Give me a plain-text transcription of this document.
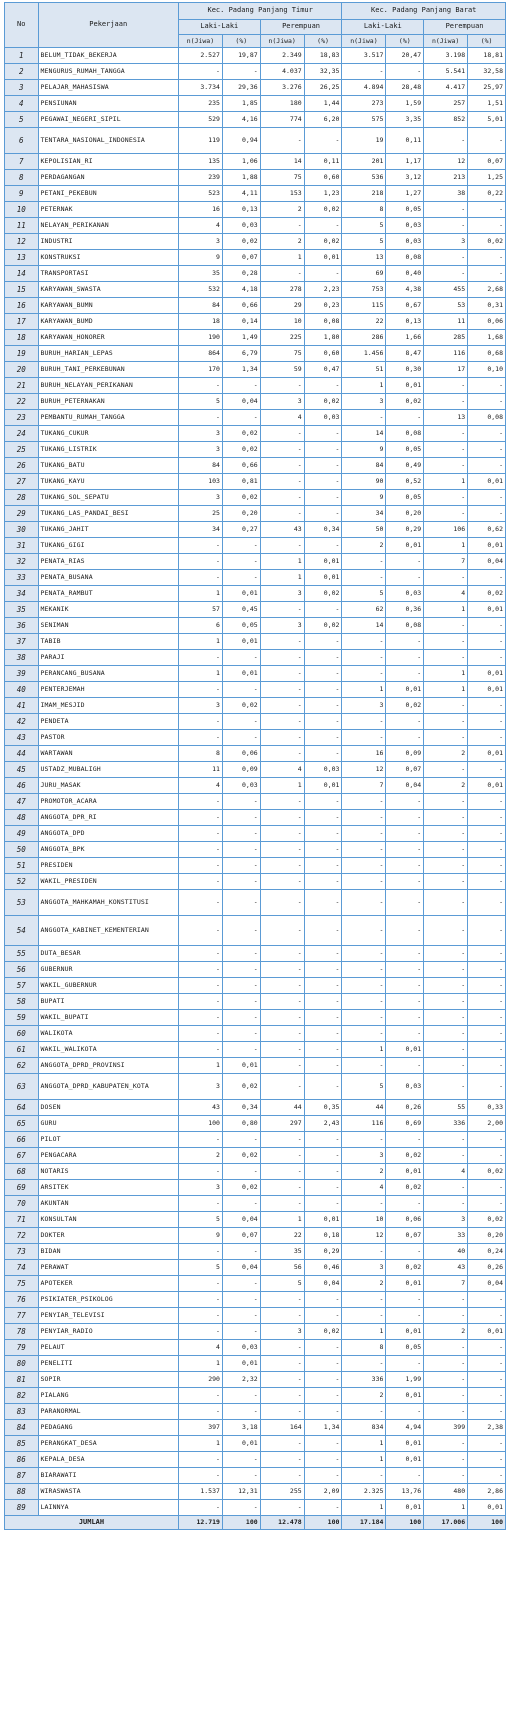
No	Pekerjaan	Kec. Padang Panjang Timur				Kec. Padang Panjang Barat			
		Laki-Laki		Perempuan		Laki-Laki		Perempuan	
		n(Jiwa)	(%)	n(Jiwa)	(%)	n(Jiwa)	(%)	n(Jiwa)	(%)
1	BELUM_TIDAK_BEKERJA	2.527	19,87	2.349	18,83	3.517	20,47	3.198	18,81
2	MENGURUS_RUMAH_TANGGA	-	-	4.037	32,35	-	-	5.541	32,58
3	PELAJAR_MAHASISWA	3.734	29,36	3.276	26,25	4.894	28,48	4.417	25,97
4	PENSIUNAN	235	1,85	180	1,44	273	1,59	257	1,51
5	PEGAWAI_NEGERI_SIPIL	529	4,16	774	6,20	575	3,35	852	5,01
6	TENTARA_NASIONAL_INDONESIA	119	0,94	-	-	19	0,11	-	-
7	KEPOLISIAN_RI	135	1,06	14	0,11	201	1,17	12	0,07
8	PERDAGANGAN	239	1,88	75	0,60	536	3,12	213	1,25
9	PETANI_PEKEBUN	523	4,11	153	1,23	218	1,27	38	0,22
10	PETERNAK	16	0,13	2	0,02	8	0,05	-	-
11	NELAYAN_PERIKANAN	4	0,03	-	-	5	0,03	-	-
12	INDUSTRI	3	0,02	2	0,02	5	0,03	3	0,02
13	KONSTRUKSI	9	0,07	1	0,01	13	0,08	-	-
14	TRANSPORTASI	35	0,28	-	-	69	0,40	-	-
15	KARYAWAN_SWASTA	532	4,18	278	2,23	753	4,38	455	2,68
16	KARYAWAN_BUMN	84	0,66	29	0,23	115	0,67	53	0,31
17	KARYAWAN_BUMD	18	0,14	10	0,08	22	0,13	11	0,06
18	KARYAWAN_HONORER	190	1,49	225	1,80	286	1,66	285	1,68
19	BURUH_HARIAN_LEPAS	864	6,79	75	0,60	1.456	8,47	116	0,68
20	BURUH_TANI_PERKEBUNAN	170	1,34	59	0,47	51	0,30	17	0,10
21	BURUH_NELAYAN_PERIKANAN	-	-	-	-	1	0,01	-	-
22	BURUH_PETERNAKAN	5	0,04	3	0,02	3	0,02	-	-
23	PEMBANTU_RUMAH_TANGGA	-	-	4	0,03	-	-	13	0,08
24	TUKANG_CUKUR	3	0,02	-	-	14	0,08	-	-
25	TUKANG_LISTRIK	3	0,02	-	-	9	0,05	-	-
26	TUKANG_BATU	84	0,66	-	-	84	0,49	-	-
27	TUKANG_KAYU	103	0,81	-	-	90	0,52	1	0,01
28	TUKANG_SOL_SEPATU	3	0,02	-	-	9	0,05	-	-
29	TUKANG_LAS_PANDAI_BESI	25	0,20	-	-	34	0,20	-	-
30	TUKANG_JAHIT	34	0,27	43	0,34	50	0,29	106	0,62
31	TUKANG_GIGI	-	-	-	-	2	0,01	1	0,01
32	PENATA_RIAS	-	-	1	0,01	-	-	7	0,04
33	PENATA_BUSANA	-	-	1	0,01	-	-	-	-
34	PENATA_RAMBUT	1	0,01	3	0,02	5	0,03	4	0,02
35	MEKANIK	57	0,45	-	-	62	0,36	1	0,01
36	SENIMAN	6	0,05	3	0,02	14	0,08	-	-
37	TABIB	1	0,01	-	-	-	-	-	-
38	PARAJI	-	-	-	-	-	-	-	-
39	PERANCANG_BUSANA	1	0,01	-	-	-	-	1	0,01
40	PENTERJEMAH	-	-	-	-	1	0,01	1	0,01
41	IMAM_MESJID	3	0,02	-	-	3	0,02	-	-
42	PENDETA	-	-	-	-	-	-	-	-
43	PASTOR	-	-	-	-	-	-	-	-
44	WARTAWAN	8	0,06	-	-	16	0,09	2	0,01
45	USTADZ_MUBALIGH	11	0,09	4	0,03	12	0,07	-	-
46	JURU_MASAK	4	0,03	1	0,01	7	0,04	2	0,01
47	PROMOTOR_ACARA	-	-	-	-	-	-	-	-
48	ANGGOTA_DPR_RI	-	-	-	-	-	-	-	-
49	ANGGOTA_DPD	-	-	-	-	-	-	-	-
50	ANGGOTA_BPK	-	-	-	-	-	-	-	-
51	PRESIDEN	-	-	-	-	-	-	-	-
52	WAKIL_PRESIDEN	-	-	-	-	-	-	-	-
53	ANGGOTA_MAHKAMAH_KONSTITUSI	-	-	-	-	-	-	-	-
54	ANGGOTA_KABINET_KEMENTERIAN	-	-	-	-	-	-	-	-
55	DUTA_BESAR	-	-	-	-	-	-	-	-
56	GUBERNUR	-	-	-	-	-	-	-	-
57	WAKIL_GUBERNUR	-	-	-	-	-	-	-	-
58	BUPATI	-	-	-	-	-	-	-	-
59	WAKIL_BUPATI	-	-	-	-	-	-	-	-
60	WALIKOTA	-	-	-	-	-	-	-	-
61	WAKIL_WALIKOTA	-	-	-	-	1	0,01	-	-
62	ANGGOTA_DPRD_PROVINSI	1	0,01	-	-	-	-	-	-
63	ANGGOTA_DPRD_KABUPATEN_KOTA	3	0,02	-	-	5	0,03	-	-
64	DOSEN	43	0,34	44	0,35	44	0,26	55	0,33
65	GURU	100	0,80	297	2,43	116	0,69	336	2,00
66	PILOT	-	-	-	-	-	-	-	-
67	PENGACARA	2	0,02	-	-	3	0,02	-	-
68	NOTARIS	-	-	-	-	2	0,01	4	0,02
69	ARSITEK	3	0,02	-	-	4	0,02	-	-
70	AKUNTAN	-	-	-	-	-	-	-	-
71	KONSULTAN	5	0,04	1	0,01	10	0,06	3	0,02
72	DOKTER	9	0,07	22	0,18	12	0,07	33	0,20
73	BIDAN	-	-	35	0,29	-	-	40	0,24
74	PERAWAT	5	0,04	56	0,46	3	0,02	43	0,26
75	APOTEKER	-	-	5	0,04	2	0,01	7	0,04
76	PSIKIATER_PSIKOLOG	-	-	-	-	-	-	-	-
77	PENYIAR_TELEVISI	-	-	-	-	-	-	-	-
78	PENYIAR_RADIO	-	-	3	0,02	1	0,01	2	0,01
79	PELAUT	4	0,03	-	-	8	0,05	-	-
80	PENELITI	1	0,01	-	-	-	-	-	-
81	SOPIR	290	2,32	-	-	336	1,99	-	-
82	PIALANG	-	-	-	-	2	0,01	-	-
83	PARANORMAL	-	-	-	-	-	-	-	-
84	PEDAGANG	397	3,18	164	1,34	834	4,94	399	2,38
85	PERANGKAT_DESA	1	0,01	-	-	1	0,01	-	-
86	KEPALA_DESA	-	-	-	-	1	0,01	-	-
87	BIARAWATI	-	-	-	-	-	-	-	-
88	WIRASWASTA	1.537	12,31	255	2,09	2.325	13,76	480	2,86
89	LAINNYA	-	-	-	-	1	0,01	1	0,01
JUMLAH		12.719	100	12.478	100	17.184	100	17.006	100
